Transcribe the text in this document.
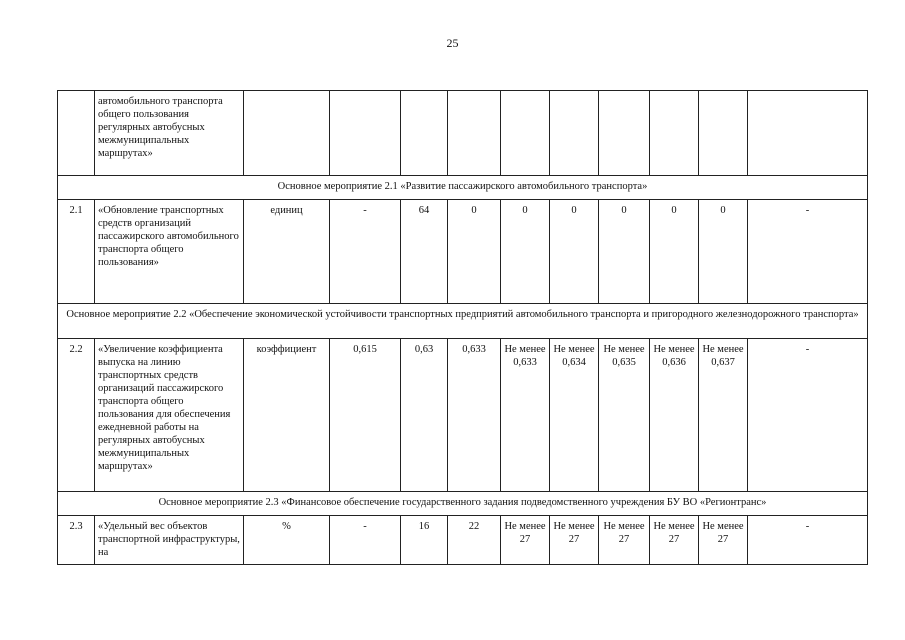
25
	автомобильного транспорта общего пользования регулярных автобусных межмуниципальных маршрутах»										
Основное мероприятие 2.1 «Развитие пассажирского автомобильного транспорта»											
2.1	«Обновление транспортных средств организаций пассажирского автомобильного транспорта общего пользования»	единиц	-	64	0	0	0	0	0	0	-
Основное мероприятие 2.2 «Обеспечение экономической устойчивости транспортных предприятий автомобильного транспорта и пригородного железнодорожного транспорта»											
2.2	«Увеличение коэффициента выпуска на линию транспортных средств организаций пассажирского транспорта общего пользования для обеспечения ежедневной работы на регулярных автобусных межмуниципальных маршрутах»	коэффициент	0,615	0,63	0,633	Не менее 0,633	Не менее 0,634	Не менее 0,635	Не менее 0,636	Не менее 0,637	-
Основное мероприятие 2.3 «Финансовое обеспечение государственного задания подведомственного учреждения БУ ВО «Регионтранс»											
2.3	«Удельный вес объектов транспортной инфраструктуры, на	%	-	16	22	Не менее 27	Не менее 27	Не менее 27	Не менее 27	Не менее 27	-
